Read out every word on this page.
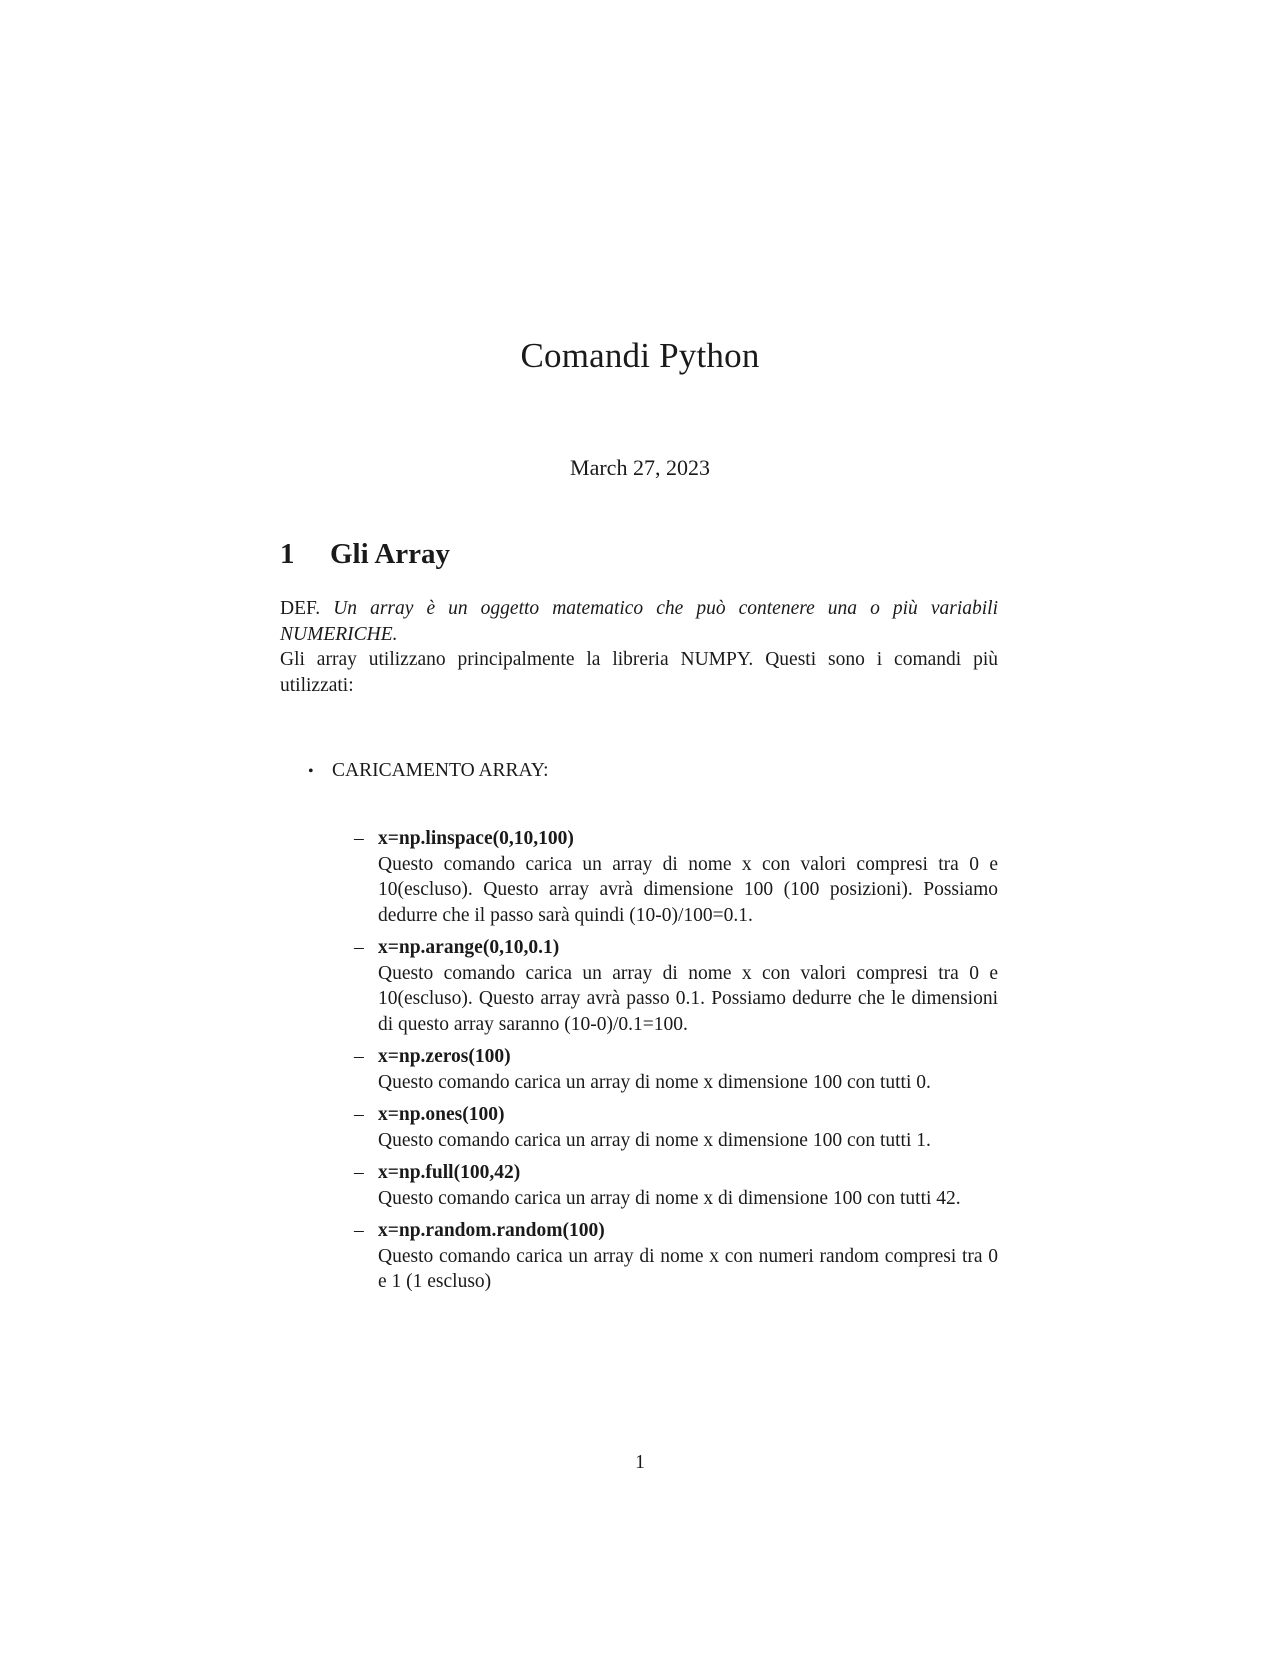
Comandi Python
March 27, 2023
1 Gli Array
DEF. Un array è un oggetto matematico che può contenere una o più variabili NUMERICHE.
Gli array utilizzano principalmente la libreria NUMPY. Questi sono i comandi più utilizzati:
• CARICAMENTO ARRAY:
– x=np.linspace(0,10,100)
Questo comando carica un array di nome x con valori compresi tra 0 e 10(escluso). Questo array avrà dimensione 100 (100 posizioni). Possiamo dedurre che il passo sarà quindi (10-0)/100=0.1.
– x=np.arange(0,10,0.1)
Questo comando carica un array di nome x con valori compresi tra 0 e 10(escluso). Questo array avrà passo 0.1. Possiamo dedurre che le dimensioni di questo array saranno (10-0)/0.1=100.
– x=np.zeros(100)
Questo comando carica un array di nome x dimensione 100 con tutti 0.
– x=np.ones(100)
Questo comando carica un array di nome x dimensione 100 con tutti 1.
– x=np.full(100,42)
Questo comando carica un array di nome x di dimensione 100 con tutti 42.
– x=np.random.random(100)
Questo comando carica un array di nome x con numeri random compresi tra 0 e 1 (1 escluso)
1
